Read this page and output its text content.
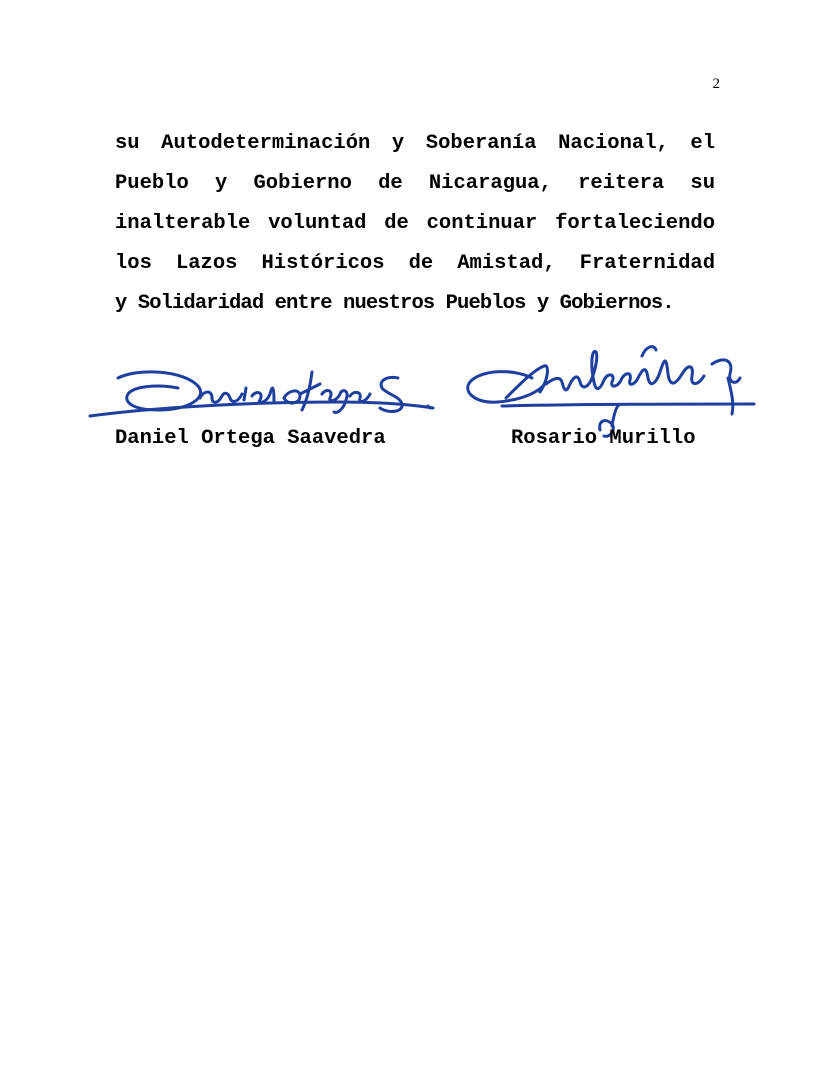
2
su Autodeterminación y Soberanía Nacional, el
Pueblo y Gobierno de Nicaragua, reitera su
inalterable voluntad de continuar fortaleciendo
los Lazos Históricos de Amistad, Fraternidad
y Solidaridad entre nuestros Pueblos y Gobiernos.
Daniel Ortega Saavedra	Rosario Murillo
